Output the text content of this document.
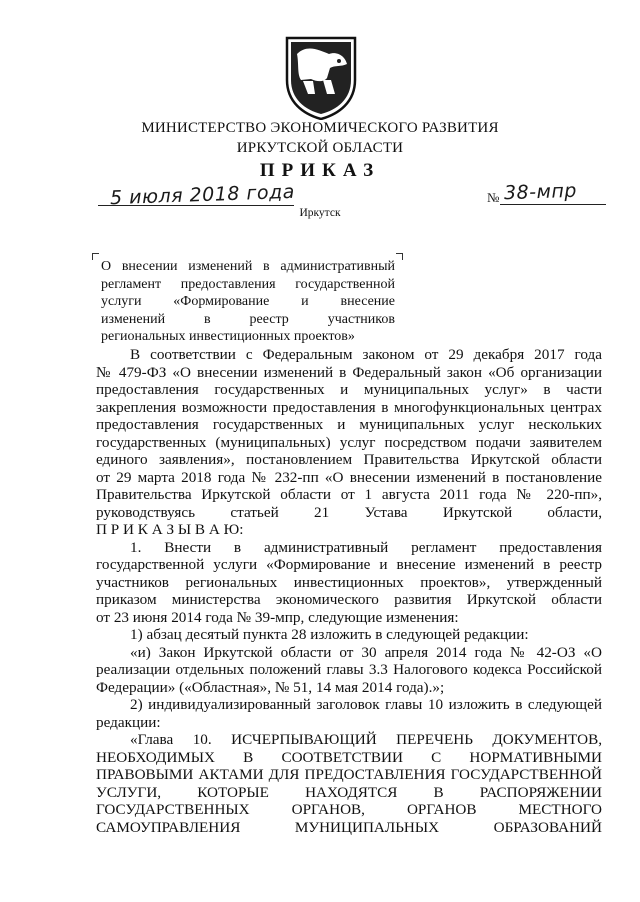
МИНИСТЕРСТВО ЭКОНОМИЧЕСКОГО РАЗВИТИЯ
ИРКУТСКОЙ ОБЛАСТИ
ПРИКАЗ
5 июля 2018 года	№ 38-мпр
Иркутск
О внесении изменений в административный
регламент предоставления государственной
услуги «Формирование и внесение
изменений в реестр участников
региональных инвестиционных проектов»
В соответствии с Федеральным законом от 29 декабря 2017 года
№ 479-ФЗ «О внесении изменений в Федеральный закон «Об организации
предоставления государственных и муниципальных услуг» в части
закрепления возможности предоставления в многофункциональных центрах
предоставления государственных и муниципальных услуг нескольких
государственных (муниципальных) услуг посредством подачи заявителем
единого заявления», постановлением Правительства Иркутской области
от 29 марта 2018 года № 232-пп «О внесении изменений в постановление
Правительства Иркутской области от 1 августа 2011 года № 220-пп»,
руководствуясь статьей 21 Устава Иркутской области,
П Р И К А З Ы В А Ю:
1. Внести в административный регламент предоставления
государственной услуги «Формирование и внесение изменений в реестр
участников региональных инвестиционных проектов», утвержденный
приказом министерства экономического развития Иркутской области
от 23 июня 2014 года № 39-мпр, следующие изменения:
1) абзац десятый пункта 28 изложить в следующей редакции:
«и) Закон Иркутской области от 30 апреля 2014 года № 42-ОЗ «О
реализации отдельных положений главы 3.3 Налогового кодекса Российской
Федерации» («Областная», № 51, 14 мая 2014 года).»;
2) индивидуализированный заголовок главы 10 изложить в следующей
редакции:
«Глава 10. ИСЧЕРПЫВАЮЩИЙ ПЕРЕЧЕНЬ ДОКУМЕНТОВ,
НЕОБХОДИМЫХ В СООТВЕТСТВИИ С НОРМАТИВНЫМИ
ПРАВОВЫМИ АКТАМИ ДЛЯ ПРЕДОСТАВЛЕНИЯ ГОСУДАРСТВЕННОЙ
УСЛУГИ, КОТОРЫЕ НАХОДЯТСЯ В РАСПОРЯЖЕНИИ
ГОСУДАРСТВЕННЫХ ОРГАНОВ, ОРГАНОВ МЕСТНОГО
САМОУПРАВЛЕНИЯ МУНИЦИПАЛЬНЫХ ОБРАЗОВАНИЙ
